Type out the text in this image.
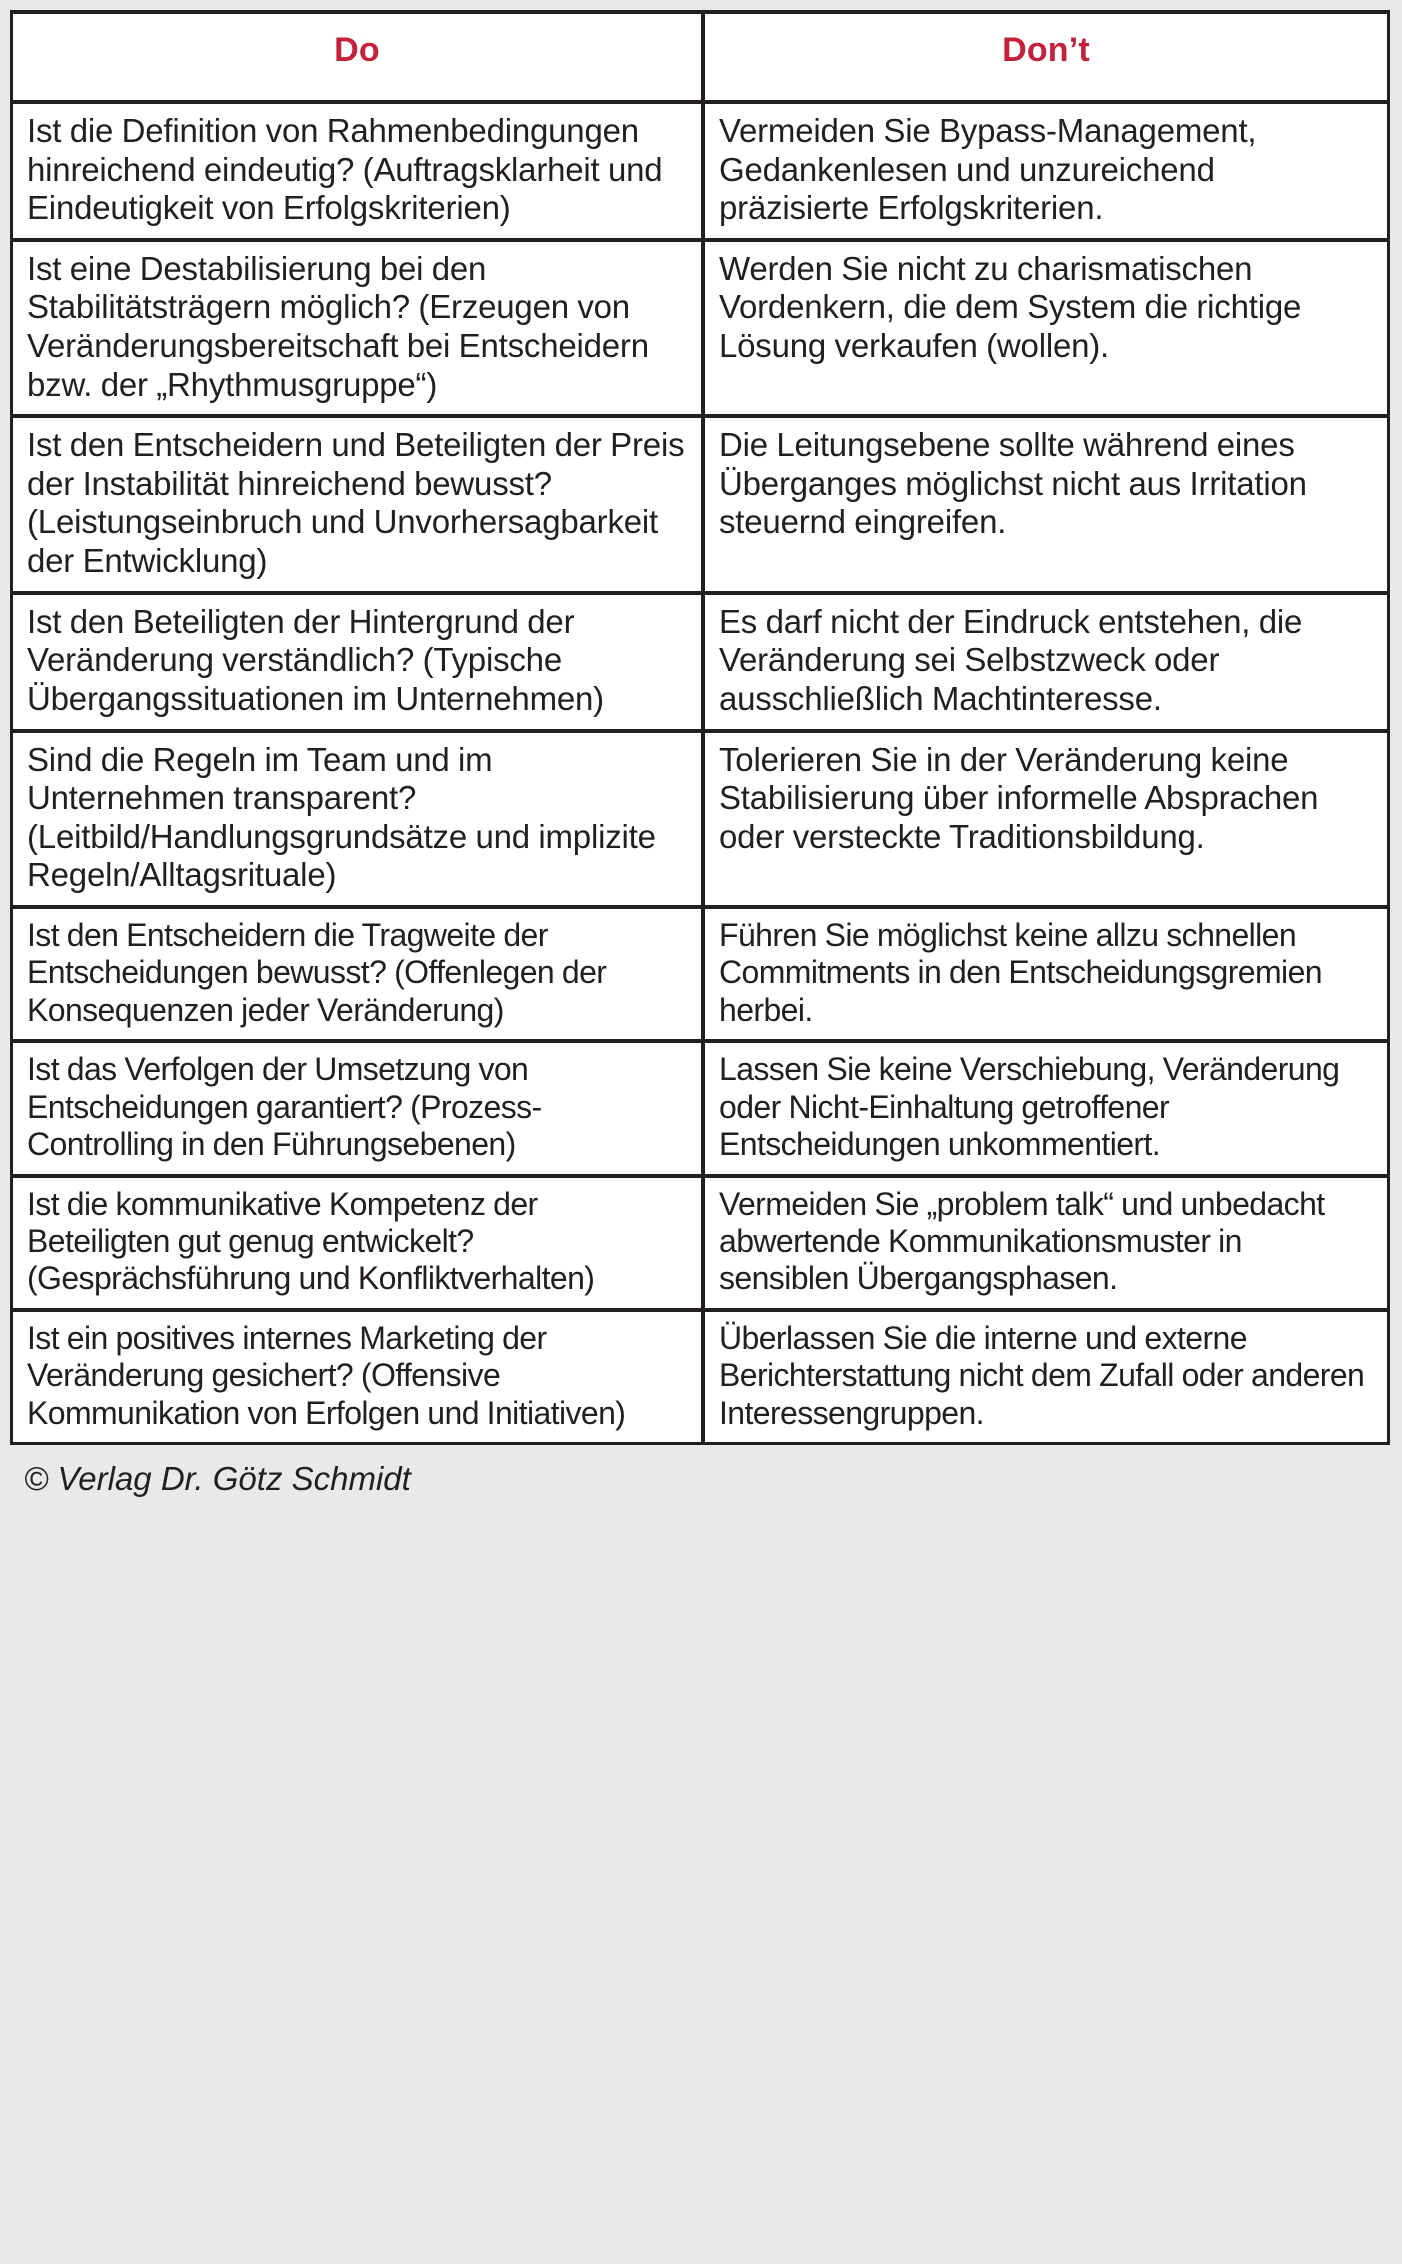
Do	Don’t

Ist die Definition von Rahmenbedingungen hinreichend eindeutig? (Auftragsklarheit und Eindeutigkeit von Erfolgskriterien)	Vermeiden Sie Bypass-Management, Gedankenlesen und unzureichend präzisierte Erfolgskriterien.

Ist eine Destabilisierung bei den Stabilitätsträgern möglich? (Erzeugen von Veränderungsbereitschaft bei Entscheidern bzw. der „Rhythmusgruppe“)	Werden Sie nicht zu charismatischen Vordenkern, die dem System die richtige Lösung verkaufen (wollen).

Ist den Entscheidern und Beteiligten der Preis der Instabilität hinreichend bewusst? (Leistungseinbruch und Unvorhersagbarkeit der Entwicklung)	Die Leitungsebene sollte während eines Überganges möglichst nicht aus Irritation steuernd eingreifen.

Ist den Beteiligten der Hintergrund der Veränderung verständlich? (Typische Übergangssituationen im Unternehmen)	Es darf nicht der Eindruck entstehen, die Veränderung sei Selbstzweck oder ausschließlich Machtinteresse.

Sind die Regeln im Team und im Unternehmen transparent? (Leitbild/Handlungsgrundsätze und implizite Regeln/Alltagsrituale)	Tolerieren Sie in der Veränderung keine Stabilisierung über informelle Absprachen oder versteckte Traditionsbildung.

Ist den Entscheidern die Tragweite der Entscheidungen bewusst? (Offenlegen der Konsequenzen jeder Veränderung)	Führen Sie möglichst keine allzu schnellen Commitments in den Entscheidungsgremien herbei.

Ist das Verfolgen der Umsetzung von Entscheidungen garantiert? (Prozess-Controlling in den Führungsebenen)	Lassen Sie keine Verschiebung, Veränderung oder Nicht-Einhaltung getroffener Entscheidungen unkommentiert.

Ist die kommunikative Kompetenz der Beteiligten gut genug entwickelt? (Gesprächsführung und Konfliktverhalten)	Vermeiden Sie „problem talk“ und unbedacht abwertende Kommunikationsmuster in sensiblen Übergangsphasen.

Ist ein positives internes Marketing der Veränderung gesichert? (Offensive Kommunikation von Erfolgen und Initiativen)	Überlassen Sie die interne und externe Berichterstattung nicht dem Zufall oder anderen Interessengruppen.
© Verlag Dr. Götz Schmidt
